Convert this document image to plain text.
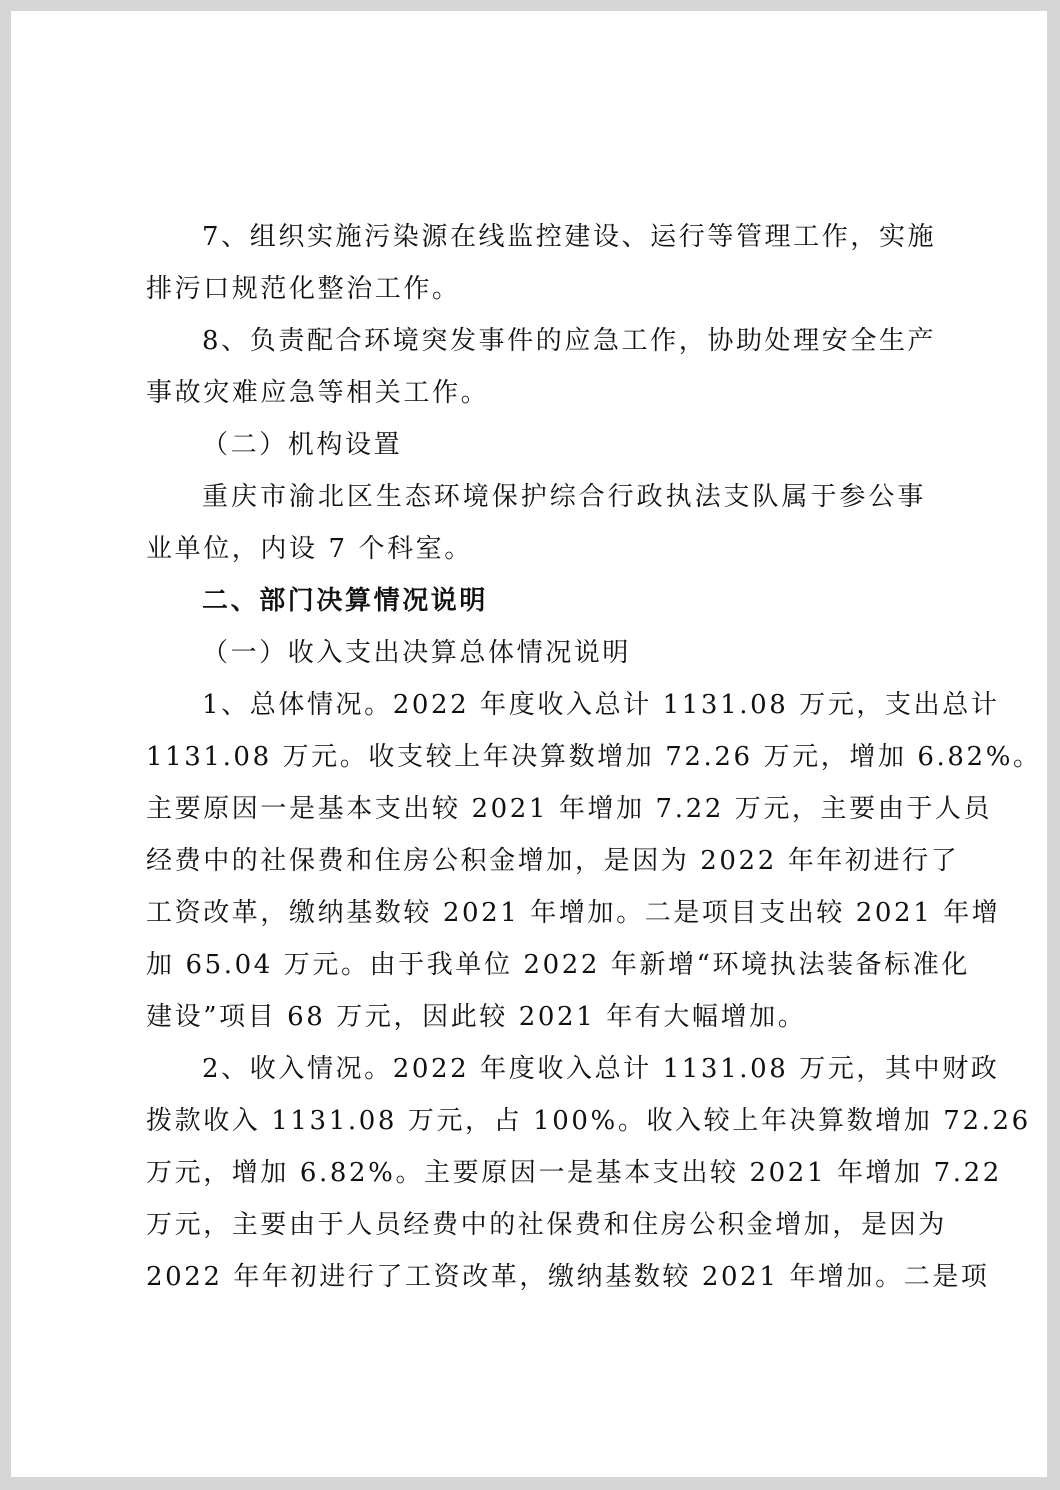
7、组织实施污染源在线监控建设、运行等管理工作，实施
排污口规范化整治工作。
8、负责配合环境突发事件的应急工作，协助处理安全生产
事故灾难应急等相关工作。
（二）机构设置
重庆市渝北区生态环境保护综合行政执法支队属于参公事
业单位，内设 7 个科室。
二、部门决算情况说明
（一）收入支出决算总体情况说明
1、总体情况。2022 年度收入总计 1131.08 万元，支出总计
1131.08 万元。收支较上年决算数增加 72.26 万元，增加 6.82%。
主要原因一是基本支出较 2021 年增加 7.22 万元，主要由于人员
经费中的社保费和住房公积金增加，是因为 2022 年年初进行了
工资改革，缴纳基数较 2021 年增加。二是项目支出较 2021 年增
加 65.04 万元。由于我单位 2022 年新增“环境执法装备标准化
建设”项目 68 万元，因此较 2021 年有大幅增加。
2、收入情况。2022 年度收入总计 1131.08 万元，其中财政
拨款收入 1131.08 万元，占 100%。收入较上年决算数增加 72.26
万元，增加 6.82%。主要原因一是基本支出较 2021 年增加 7.22
万元，主要由于人员经费中的社保费和住房公积金增加，是因为
2022 年年初进行了工资改革，缴纳基数较 2021 年增加。二是项
